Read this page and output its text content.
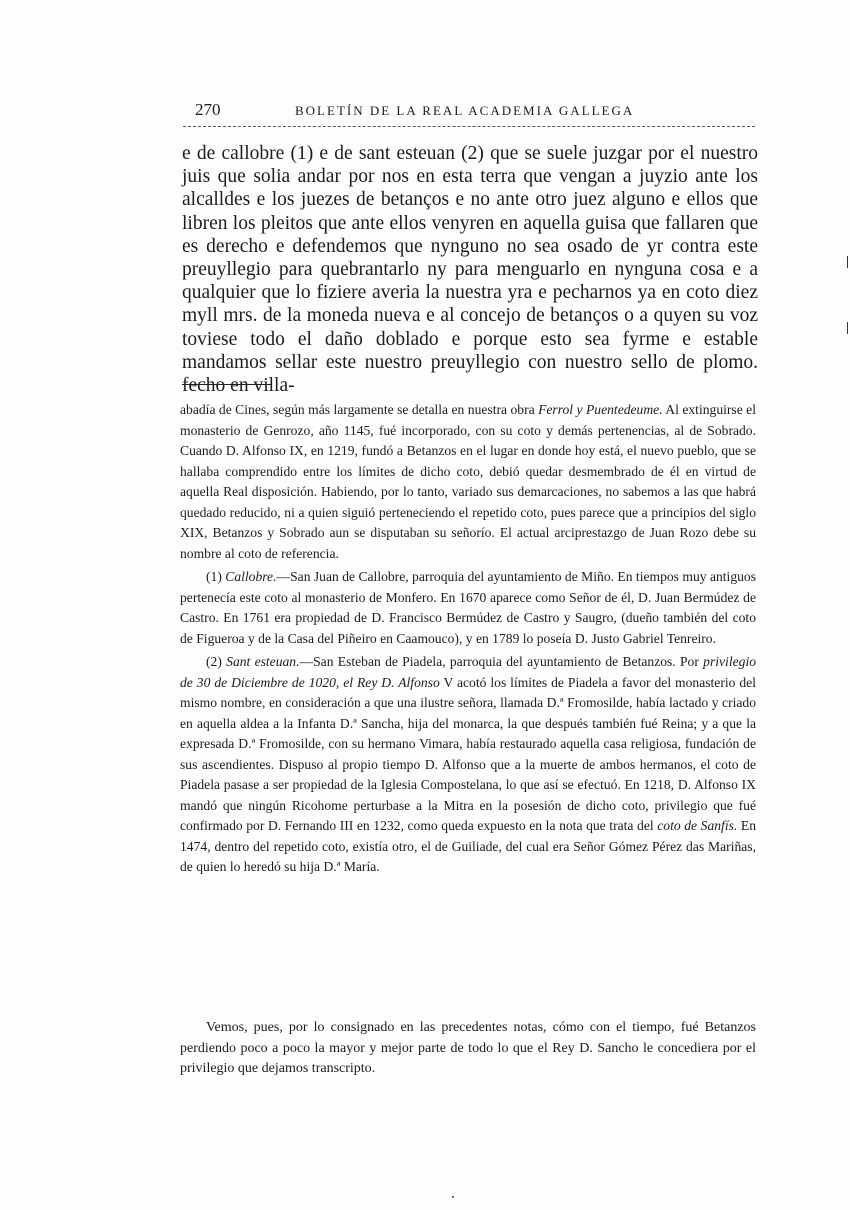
270	BOLETÍN DE LA REAL ACADEMIA GALLEGA

e de callobre (1) e de sant esteuan (2) que se suele juzgar por el nuestro juis que solia andar por nos en esta terra que vengan a juyzio ante los alcalldes e los juezes de betanços e no ante otro juez alguno e ellos que libren los pleitos que ante ellos venyren en aquella guisa que fallaren que es derecho e defendemos que nynguno no sea osado de yr contra este preuyllegio para quebrantarlo ny para menguarlo en nynguna cosa e a qualquier que lo fiziere averia la nuestra yra e pecharnos ya en coto diez myll mrs. de la moneda nueva e al concejo de betanços o a quyen su voz toviese todo el daño doblado e porque esto sea fyrme e estable mandamos sellar este nuestro preuyllegio con nuestro sello de plomo. fecho en villa-

abadía de Cines, según más largamente se detalla en nuestra obra Ferrol y Puentedeume. Al extinguirse el monasterio de Genrozo, año 1145, fué incorporado, con su coto y demás pertenencias, al de Sobrado. Cuando D. Alfonso IX, en 1219, fundó a Betanzos en el lugar en donde hoy está, el nuevo pueblo, que se hallaba comprendido entre los límites de dicho coto, debió quedar desmembrado de él en virtud de aquella Real disposición. Habiendo, por lo tanto, variado sus demarcaciones, no sabemos a las que habrá quedado reducido, ni a quien siguió perteneciendo el repetido coto, pues parece que a principios del siglo XIX, Betanzos y Sobrado aun se disputaban su señorío. El actual arciprestazgo de Juan Rozo debe su nombre al coto de referencia.

(1) Callobre.—San Juan de Callobre, parroquia del ayuntamiento de Miño. En tiempos muy antiguos pertenecía este coto al monasterio de Monfero. En 1670 aparece como Señor de él, D. Juan Bermúdez de Castro. En 1761 era propiedad de D. Francisco Bermúdez de Castro y Saugro, (dueño también del coto de Figueroa y de la Casa del Piñeiro en Caamouco), y en 1789 lo poseía D. Justo Gabriel Tenreiro.

(2) Sant esteuan.—San Esteban de Piadela, parroquia del ayuntamiento de Betanzos. Por privilegio de 30 de Diciembre de 1020, el Rey D. Alfonso V acotó los límites de Piadela a favor del monasterio del mismo nombre, en consideración a que una ilustre señora, llamada D.ª Fromosilde, había lactado y criado en aquella aldea a la Infanta D.ª Sancha, hija del monarca, la que después también fué Reina; y a que la expresada D.ª Fromosilde, con su hermano Vimara, había restaurado aquella casa religiosa, fundación de sus ascendientes. Dispuso al propio tiempo D. Alfonso que a la muerte de ambos hermanos, el coto de Piadela pasase a ser propiedad de la Iglesia Compostelana, lo que así se efectuó. En 1218, D. Alfonso IX mandó que ningún Ricohome perturbase a la Mitra en la posesión de dicho coto, privilegio que fué confirmado por D. Fernando III en 1232, como queda expuesto en la nota que trata del coto de Sanfís. En 1474, dentro del repetido coto, existía otro, el de Guiliade, del cual era Señor Gómez Pérez das Mariñas, de quien lo heredó su hija D.ª María.

Vemos, pues, por lo consignado en las precedentes notas, cómo con el tiempo, fué Betanzos perdiendo poco a poco la mayor y mejor parte de todo lo que el Rey D. Sancho le concediera por el privilegio que dejamos transcripto.
